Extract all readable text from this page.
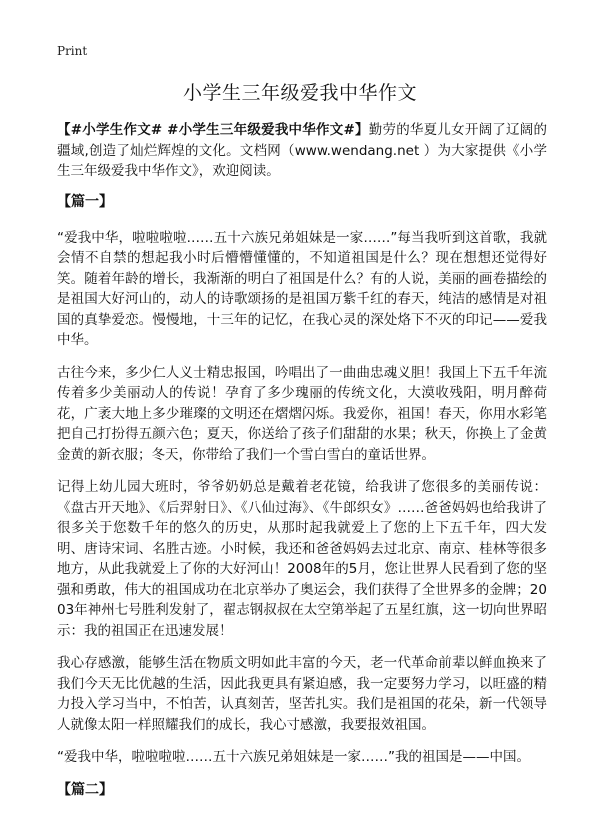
Print
小学生三年级爱我中华作文

【#小学生作文# #小学生三年级爱我中华作文#】勤劳的华夏儿女开阔了辽阔的疆域,创造了灿烂辉煌的文化。文档网（www.wendang.net ）为大家提供《小学生三年级爱我中华作文》，欢迎阅读。

【篇一】

“爱我中华，啦啦啦啦……五十六族兄弟姐妹是一家……”每当我听到这首歌，我就会情不自禁的想起我小时后懵懵懂懂的，不知道祖国是什么？现在想想还觉得好笑。随着年龄的增长，我渐渐的明白了祖国是什么？有的人说，美丽的画卷描绘的是祖国大好河山的，动人的诗歌颂扬的是祖国万紫千红的春天，纯洁的感情是对祖国的真挚爱恋。慢慢地，十三年的记忆，在我心灵的深处烙下不灭的印记——爱我中华。

古往今来，多少仁人义士精忠报国，吟唱出了一曲曲忠魂义胆！我国上下五千年流传着多少美丽动人的传说！孕育了多少瑰丽的传统文化，大漠收残阳，明月醉荷花，广袤大地上多少璀璨的文明还在熠熠闪烁。我爱你，祖国！春天，你用水彩笔把自己打扮得五颜六色；夏天，你送给了孩子们甜甜的水果；秋天，你换上了金黄金黄的新衣服；冬天，你带给了我们一个雪白雪白的童话世界。

记得上幼儿园大班时，爷爷奶奶总是戴着老花镜，给我讲了您很多的美丽传说：《盘古开天地》、《后羿射日》、《八仙过海》、《牛郎织女》……爸爸妈妈也给我讲了很多关于您数千年的悠久的历史，从那时起我就爱上了您的上下五千年，四大发明、唐诗宋词、名胜古迹。小时候，我还和爸爸妈妈去过北京、南京、桂林等很多地方，从此我就爱上了你的大好河山！2008年的5月，您让世界人民看到了您的坚强和勇敢，伟大的祖国成功在北京举办了奥运会，我们获得了全世界多的金牌；2003年神州七号胜利发射了，翟志钢叔叔在太空第举起了五星红旗，这一切向世界昭示：我的祖国正在迅速发展！

我心存感激，能够生活在物质文明如此丰富的今天，老一代革命前辈以鲜血换来了我们今天无比优越的生活，因此我更具有紧迫感，我一定要努力学习，以旺盛的精力投入学习当中，不怕苦，认真刻苦，坚苦扎实。我们是祖国的花朵，新一代领导人就像太阳一样照耀我们的成长，我心寸感激，我要报效祖国。

“爱我中华，啦啦啦啦……五十六族兄弟姐妹是一家……”我的祖国是——中国。

【篇二】
